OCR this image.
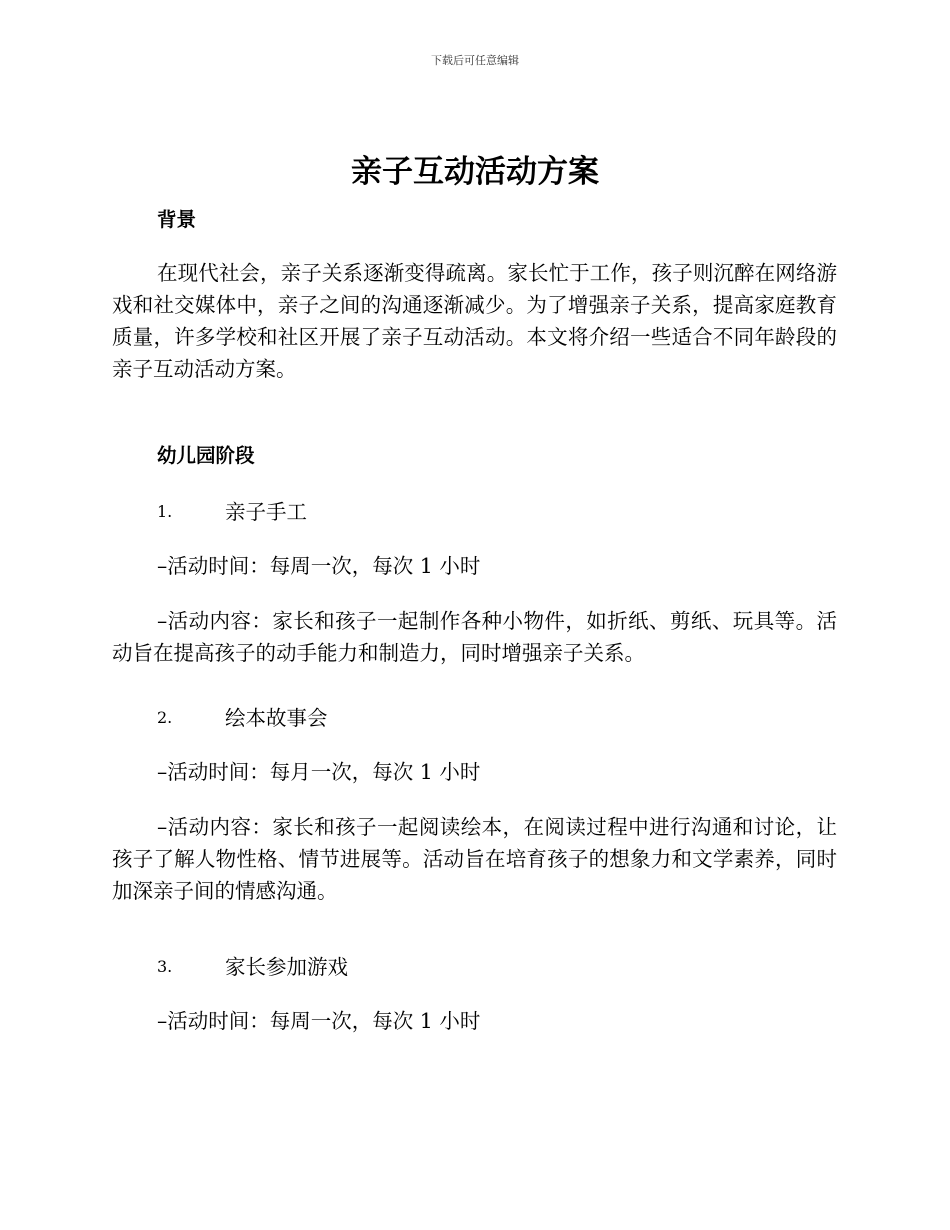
下载后可任意编辑
亲子互动活动方案
背景

在现代社会，亲子关系逐渐变得疏离。家长忙于工作，孩子则沉醉在网络游戏和社交媒体中，亲子之间的沟通逐渐减少。为了增强亲子关系，提高家庭教育质量，许多学校和社区开展了亲子互动活动。本文将介绍一些适合不同年龄段的亲子互动活动方案。

幼儿园阶段
1.	亲子手工
–活动时间：每周一次，每次 1 小时

–活动内容：家长和孩子一起制作各种小物件，如折纸、剪纸、玩具等。活动旨在提高孩子的动手能力和制造力，同时增强亲子关系。

2.	绘本故事会
–活动时间：每月一次，每次 1 小时

–活动内容：家长和孩子一起阅读绘本，在阅读过程中进行沟通和讨论，让孩子了解人物性格、情节进展等。活动旨在培育孩子的想象力和文学素养，同时加深亲子间的情感沟通。

3.	家长参加游戏
–活动时间：每周一次，每次 1 小时
